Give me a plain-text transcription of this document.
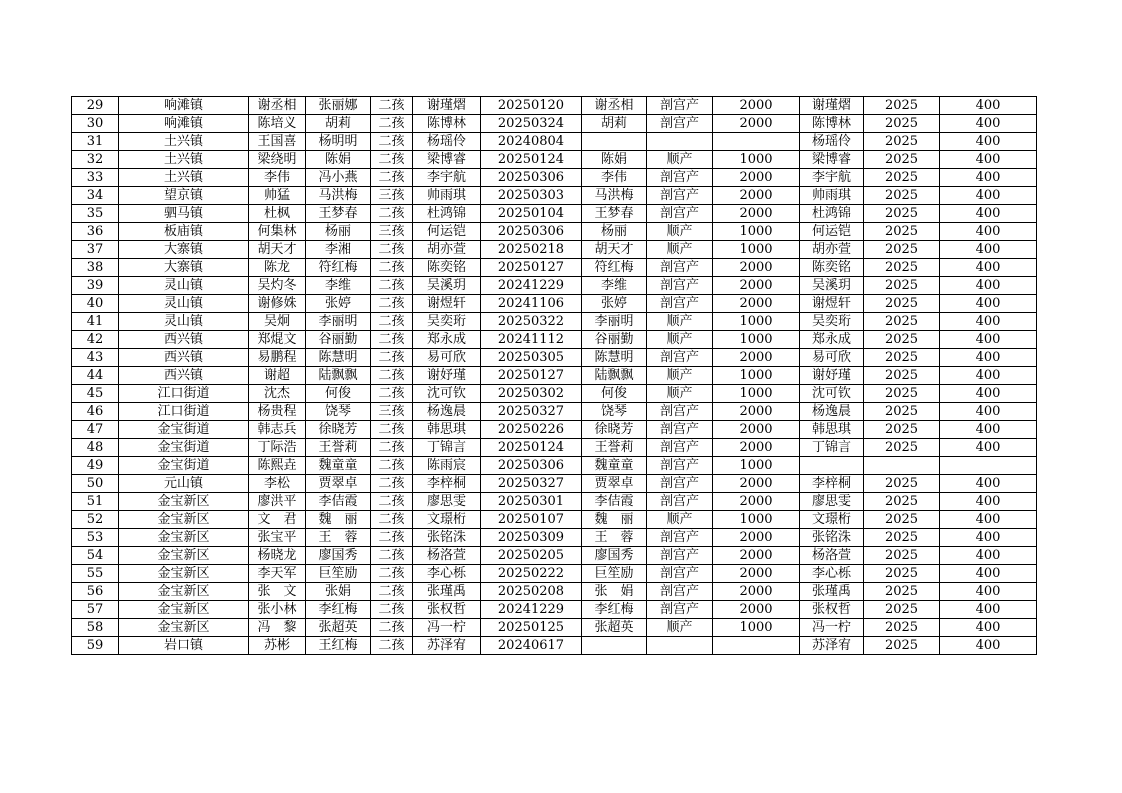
29	响滩镇	谢丞相	张丽娜	二孩	谢瑾熠	20250120	谢丞相	剖宫产	2000	谢瑾熠	2025	400
30	响滩镇	陈培义	胡莉	二孩	陈博林	20250324	胡莉	剖宫产	2000	陈博林	2025	400
31	土兴镇	王国喜	杨明明	二孩	杨瑶伶	20240804				杨瑶伶	2025	400
32	土兴镇	梁绕明	陈娟	二孩	梁博睿	20250124	陈娟	顺产	1000	梁博睿	2025	400
33	土兴镇	李伟	冯小燕	二孩	李宇航	20250306	李伟	剖宫产	2000	李宇航	2025	400
34	望京镇	帅猛	马洪梅	三孩	帅雨琪	20250303	马洪梅	剖宫产	2000	帅雨琪	2025	400
35	驷马镇	杜枫	王梦春	二孩	杜鸿锦	20250104	王梦春	剖宫产	2000	杜鸿锦	2025	400
36	板庙镇	何集林	杨丽	三孩	何运铠	20250306	杨丽	顺产	1000	何运铠	2025	400
37	大寨镇	胡天才	李湘	二孩	胡亦萱	20250218	胡天才	顺产	1000	胡亦萱	2025	400
38	大寨镇	陈龙	符红梅	二孩	陈奕铭	20250127	符红梅	剖宫产	2000	陈奕铭	2025	400
39	灵山镇	吴灼冬	李维	二孩	吴溪玥	20241229	李维	剖宫产	2000	吴溪玥	2025	400
40	灵山镇	谢修姝	张婷	二孩	谢煜轩	20241106	张婷	剖宫产	2000	谢煜轩	2025	400
41	灵山镇	吴炯	李丽明	二孩	吴奕珩	20250322	李丽明	顺产	1000	吴奕珩	2025	400
42	西兴镇	郑焜文	谷丽勤	二孩	郑永成	20241112	谷丽勤	顺产	1000	郑永成	2025	400
43	西兴镇	易鹏程	陈慧明	二孩	易可欣	20250305	陈慧明	剖宫产	2000	易可欣	2025	400
44	西兴镇	谢超	陆飘飘	二孩	谢妤瑾	20250127	陆飘飘	顺产	1000	谢妤瑾	2025	400
45	江口街道	沈杰	何俊	二孩	沈可钦	20250302	何俊	顺产	1000	沈可钦	2025	400
46	江口街道	杨贵程	饶琴	三孩	杨逸晨	20250327	饶琴	剖宫产	2000	杨逸晨	2025	400
47	金宝街道	韩志兵	徐晓芳	二孩	韩思琪	20250226	徐晓芳	剖宫产	2000	韩思琪	2025	400
48	金宝街道	丁际浩	王誉莉	二孩	丁锦言	20250124	王誉莉	剖宫产	2000	丁锦言	2025	400
49	金宝街道	陈熙垚	魏童童	二孩	陈雨宸	20250306	魏童童	剖宫产	1000			
50	元山镇	李松	贾翠卓	二孩	李梓桐	20250327	贾翠卓	剖宫产	2000	李梓桐	2025	400
51	金宝新区	廖洪平	李佶霞	二孩	廖思雯	20250301	李佶霞	剖宫产	2000	廖思雯	2025	400
52	金宝新区	文　君	魏　丽	二孩	文璟桁	20250107	魏　丽	顺产	1000	文璟桁	2025	400
53	金宝新区	张宝平	王　蓉	二孩	张铭洙	20250309	王　蓉	剖宫产	2000	张铭洙	2025	400
54	金宝新区	杨晓龙	廖国秀	二孩	杨洛萱	20250205	廖国秀	剖宫产	2000	杨洛萱	2025	400
55	金宝新区	李天军	巨笙励	二孩	李心栎	20250222	巨笙励	剖宫产	2000	李心栎	2025	400
56	金宝新区	张　文	张娟	二孩	张瑾禹	20250208	张　娟	剖宫产	2000	张瑾禹	2025	400
57	金宝新区	张小林	李红梅	二孩	张权哲	20241229	李红梅	剖宫产	2000	张权哲	2025	400
58	金宝新区	冯　黎	张超英	二孩	冯一柠	20250125	张超英	顺产	1000	冯一柠	2025	400
59	岩口镇	苏彬	王红梅	二孩	苏泽宥	20240617				苏泽宥	2025	400
